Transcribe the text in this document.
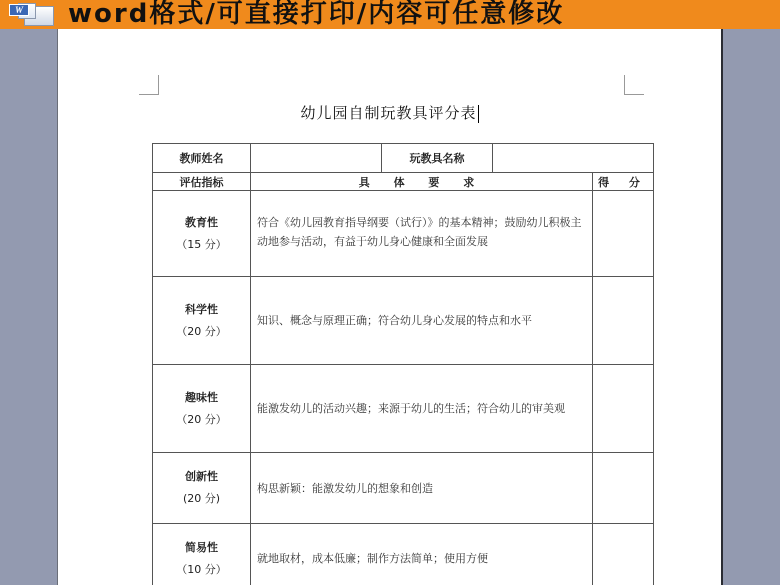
W word格式/可直接打印/内容可任意修改
幼儿园自制玩教具评分表
教师姓名		玩教具名称		
评估指标	具 体 要 求			得 分

教育性
（15 分）	符合《幼儿园教育指导纲要（试行）》的基本精神；鼓励幼儿积极主动地参与活动，有益于幼儿身心健康和全面发展			

科学性
（20 分）	知识、概念与原理正确；符合幼儿身心发展的特点和水平			

趣味性
（20 分）	能激发幼儿的活动兴趣；来源于幼儿的生活；符合幼儿的审美观			

创新性
(20 分)	构思新颖：能激发幼儿的想象和创造			

简易性
（10 分）	就地取材，成本低廉；制作方法简单；使用方便			
